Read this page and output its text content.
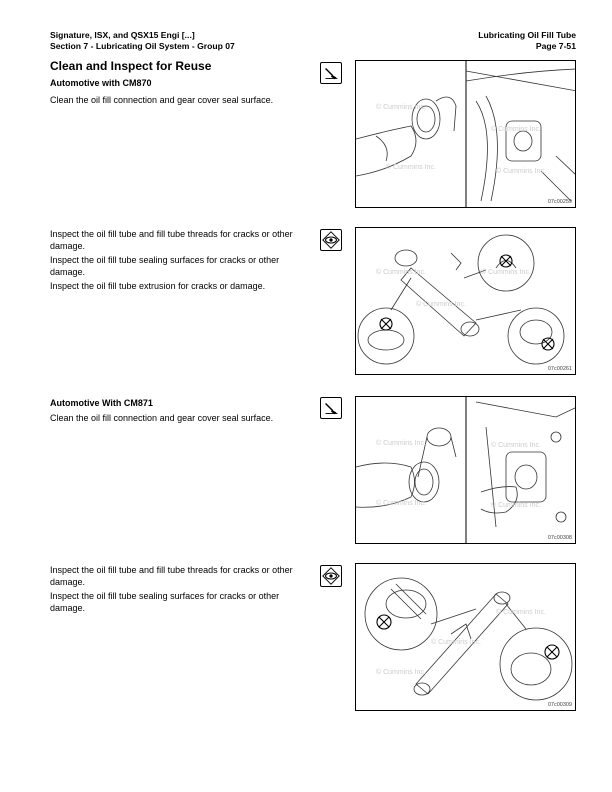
Signature, ISX, and QSX15 Engi [...]
Section 7 - Lubricating Oil System - Group 07
Lubricating Oil Fill Tube
Page 7-51
Clean and Inspect for Reuse
Automotive with CM870

Clean the oil fill connection and gear cover seal surface.

© Cummins Inc.
© Cummins Inc.
© Cummins Inc.
© Cummins Inc.
07c00259

Inspect the oil fill tube and fill tube threads for cracks or other damage.

Inspect the oil fill tube sealing surfaces for cracks or other damage.

Inspect the oil fill tube extrusion for cracks or damage.

© Cummins Inc.
© Cummins Inc.
© Cummins Inc.
07c00261
Automotive With CM871

Clean the oil fill connection and gear cover seal surface.

© Cummins Inc.
© Cummins Inc.
© Cummins Inc.
© Cummins Inc.
07c00308

Inspect the oil fill tube and fill tube threads for cracks or other damage.

Inspect the oil fill tube sealing surfaces for cracks or other damage.	© Cummins Inc.
© Cummins Inc.
© Cummins Inc.
07c00309
